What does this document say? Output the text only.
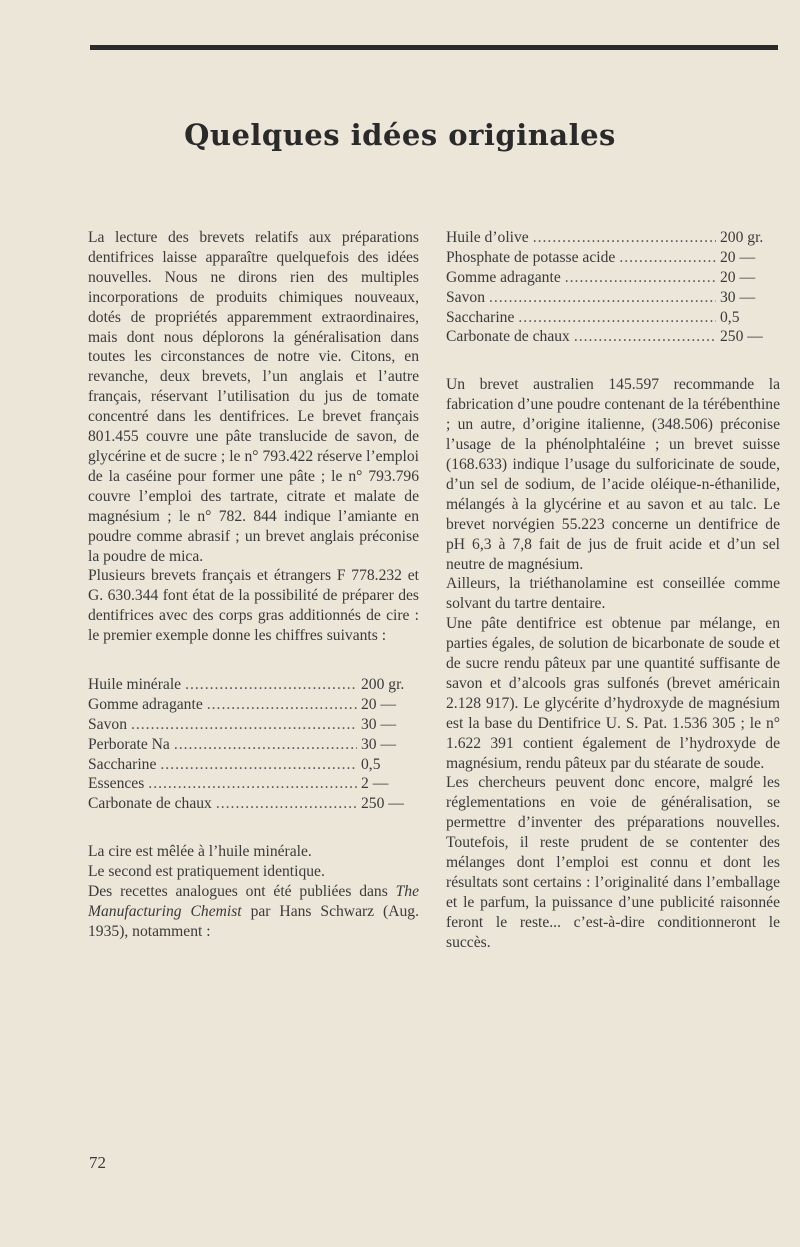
Quelques idées originales

La lecture des brevets relatifs aux préparations dentifrices laisse apparaître quelquefois des idées nouvelles. Nous ne dirons rien des multiples incorporations de produits chimiques nouveaux, dotés de propriétés apparemment extraordinaires, mais dont nous déplorons la généralisation dans toutes les circonstances de notre vie. Citons, en revanche, deux brevets, l’un anglais et l’autre français, réservant l’utilisation du jus de tomate concentré dans les dentifrices. Le brevet français 801.455 couvre une pâte translucide de savon, de glycérine et de sucre ; le n° 793.422 réserve l’emploi de la caséine pour former une pâte ; le n° 793.796 couvre l’emploi des tartrate, citrate et malate de magnésium ; le n° 782. 844 indique l’amiante en poudre comme abrasif ; un brevet anglais préconise la poudre de mica.

Plusieurs brevets français et étrangers F 778.232 et G. 630.344 font état de la possibilité de préparer des dentifrices avec des corps gras additionnés de cire : le premier exemple donne les chiffres suivants :

Huile minérale .....	200 gr.
Gomme adragante .....	20 —
Savon .....	30 —
Perborate Na .....	30 —
Saccharine .....	0,5
Essences .....	2 —
Carbonate de chaux .....	250 —

La cire est mêlée à l’huile minérale.

Le second est pratiquement identique.

Des recettes analogues ont été publiées dans The Manufacturing Chemist par Hans Schwarz (Aug. 1935), notamment :

Huile d’olive .....	200 gr.
Phosphate de potasse acide .....	20 —
Gomme adragante .....	20 —
Savon .....	30 —
Saccharine .....	0,5
Carbonate de chaux .....	250 —

Un brevet australien 145.597 recommande la fabrication d’une poudre contenant de la térébenthine ; un autre, d’origine italienne, (348.506) préconise l’usage de la phénolphtaléine ; un brevet suisse (168.633) indique l’usage du sulforicinate de soude, d’un sel de sodium, de l’acide oléique-n-éthanilide, mélangés à la glycérine et au savon et au talc. Le brevet norvégien 55.223 concerne un dentifrice de pH 6,3 à 7,8 fait de jus de fruit acide et d’un sel neutre de magnésium.

Ailleurs, la triéthanolamine est conseillée comme solvant du tartre dentaire.

Une pâte dentifrice est obtenue par mélange, en parties égales, de solution de bicarbonate de soude et de sucre rendu pâteux par une quantité suffisante de savon et d’alcools gras sulfonés (brevet américain 2.128 917). Le glycérite d’hydroxyde de magnésium est la base du Dentifrice U. S. Pat. 1.536 305 ; le n° 1.622 391 contient également de l’hydroxyde de magnésium, rendu pâteux par du stéarate de soude.

Les chercheurs peuvent donc encore, malgré les réglementations en voie de généralisation, se permettre d’inventer des préparations nouvelles. Toutefois, il reste prudent de se contenter des mélanges dont l’emploi est connu et dont les résultats sont certains : l’originalité dans l’emballage et le parfum, la puissance d’une publicité raisonnée feront le reste... c’est-à-dire conditionneront le succès.

72
